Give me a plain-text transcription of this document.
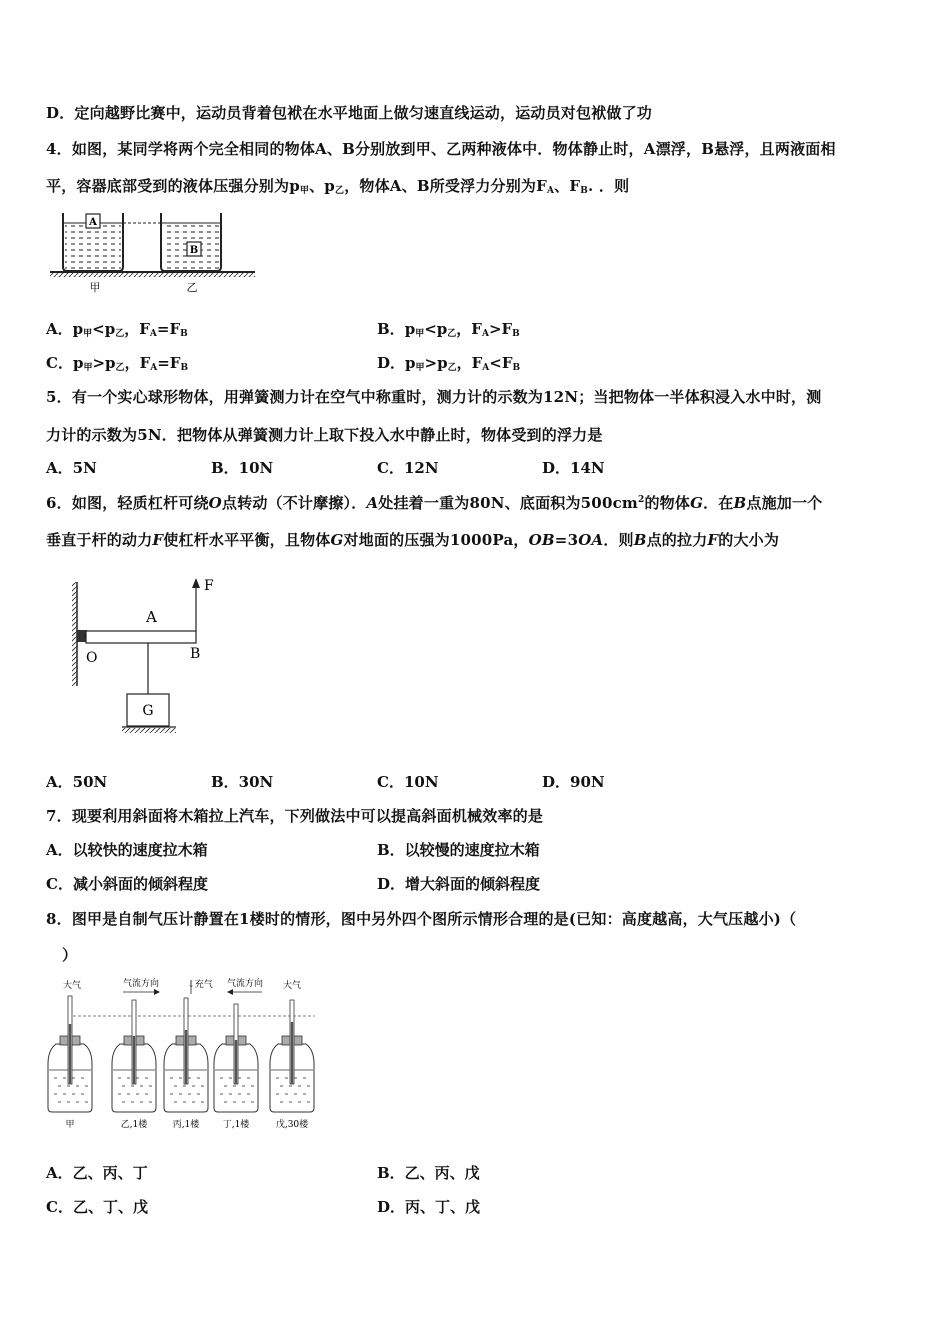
D．定向越野比赛中，运动员背着包袱在水平地面上做匀速直线运动，运动员对包袱做了功
4．如图，某同学将两个完全相同的物体A、B分别放到甲、乙两种液体中．物体静止时，A漂浮，B悬浮，且两液面相
平，容器底部受到的液体压强分别为$p_甲$、$p_乙$，物体A、B所受浮力分别为$F_A$、$F_B$. ．则
A
B
甲	乙
A．$p_甲<p_乙$，$F_A=F_B$	B．$p_甲<p_乙$，$F_A>F_B$
C．$p_甲>p_乙$，$F_A=F_B$	D．$p_甲>p_乙$，$F_A<F_B$
5．有一个实心球形物体，用弹簧测力计在空气中称重时，测力计的示数为12N；当把物体一半体积浸入水中时，测
力计的示数为5N．把物体从弹簧测力计上取下投入水中静止时，物体受到的浮力是
A．5N	B．10N	C．12N	D．14N
6．如图，轻质杠杆可绕O点转动（不计摩擦）．A处挂着一重为80N、底面积为$500cm^2$的物体G．在B点施加一个
垂直于杆的动力F使杠杆水平平衡，且物体G对地面的压强为1000Pa，OB=3OA．则B点的拉力F的大小为
F
A
O	B
G
A．50N	B．30N	C．10N	D．90N
7．现要利用斜面将木箱拉上汽车，下列做法中可以提高斜面机械效率的是
A．以较快的速度拉木箱	B．以较慢的速度拉木箱
C．减小斜面的倾斜程度	D．增大斜面的倾斜程度
8．图甲是自制气压计静置在1楼时的情形，图中另外四个图所示情形合理的是(已知：高度越高，大气压越小)（
）
大气	气流方向	↓充气 气流方向 大气
甲	乙,1楼	丙,1楼	丁,1楼	戊,30楼
A．乙、丙、丁	B．乙、丙、戊
C．乙、丁、戊	D．丙、丁、戊
